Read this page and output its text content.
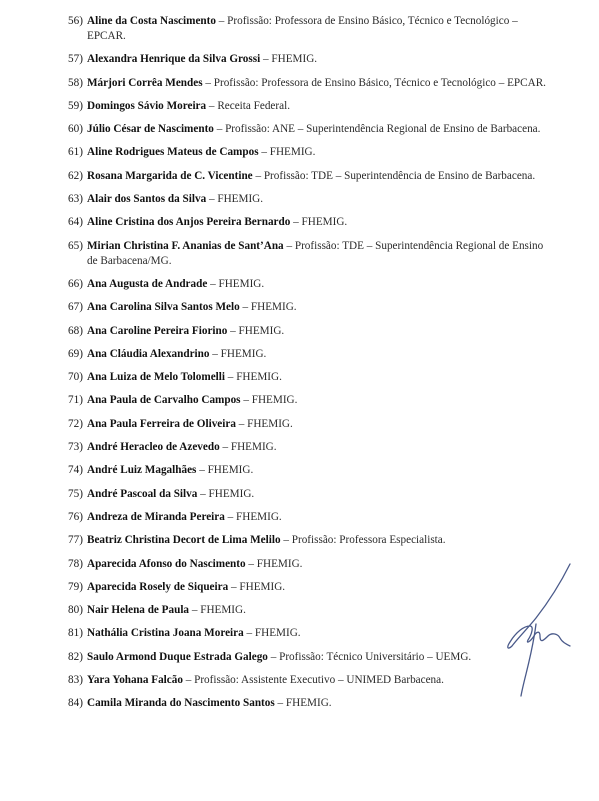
56) Aline da Costa Nascimento – Profissão: Professora de Ensino Básico, Técnico e Tecnológico – EPCAR.
57) Alexandra Henrique da Silva Grossi – FHEMIG.
58) Márjori Corrêa Mendes – Profissão: Professora de Ensino Básico, Técnico e Tecnológico – EPCAR.
59) Domingos Sávio Moreira – Receita Federal.
60) Júlio César de Nascimento – Profissão: ANE – Superintendência Regional de Ensino de Barbacena.
61) Aline Rodrigues Mateus de Campos – FHEMIG.
62) Rosana Margarida de C. Vicentine – Profissão: TDE – Superintendência de Ensino de Barbacena.
63) Alair dos Santos da Silva – FHEMIG.
64) Aline Cristina dos Anjos Pereira Bernardo – FHEMIG.
65) Mirian Christina F. Ananias de Sant’Ana – Profissão: TDE – Superintendência Regional de Ensino de Barbacena/MG.
66) Ana Augusta de Andrade – FHEMIG.
67) Ana Carolina Silva Santos Melo – FHEMIG.
68) Ana Caroline Pereira Fiorino – FHEMIG.
69) Ana Cláudia Alexandrino – FHEMIG.
70) Ana Luiza de Melo Tolomelli – FHEMIG.
71) Ana Paula de Carvalho Campos – FHEMIG.
72) Ana Paula Ferreira de Oliveira – FHEMIG.
73) André Heracleo de Azevedo – FHEMIG.
74) André Luiz Magalhães – FHEMIG.
75) André Pascoal da Silva – FHEMIG.
76) Andreza de Miranda Pereira – FHEMIG.
77) Beatriz Christina Decort de Lima Melilo – Profissão: Professora Especialista.
78) Aparecida Afonso do Nascimento – FHEMIG.
79) Aparecida Rosely de Siqueira – FHEMIG.
80) Nair Helena de Paula – FHEMIG.
81) Nathália Cristina Joana Moreira – FHEMIG.
82) Saulo Armond Duque Estrada Galego – Profissão: Técnico Universitário – UEMG.
83) Yara Yohana Falcão – Profissão: Assistente Executivo – UNIMED Barbacena.
84) Camila Miranda do Nascimento Santos – FHEMIG.
